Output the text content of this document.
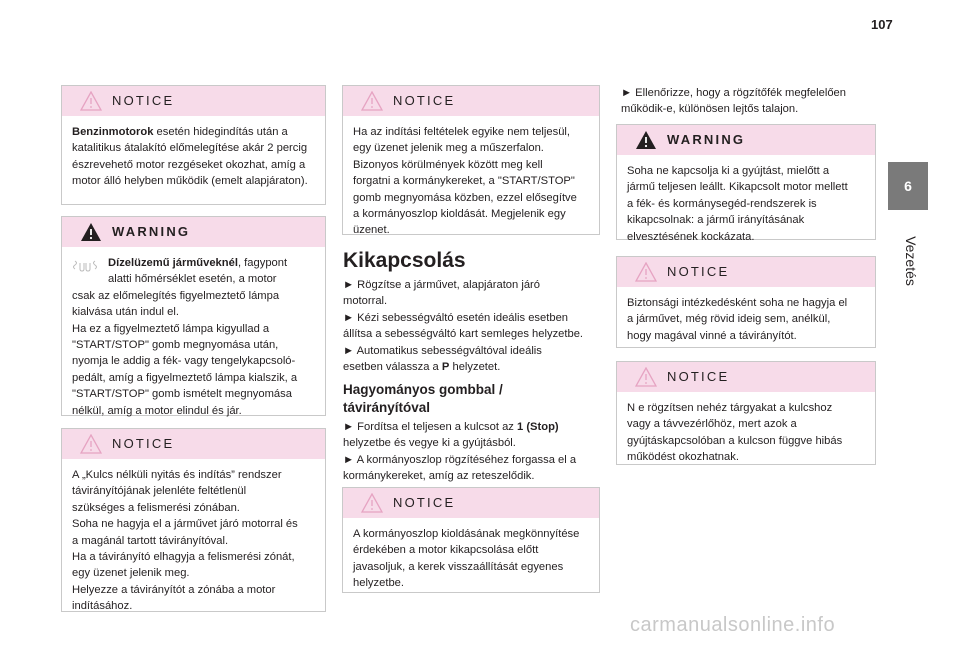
107
6
Vezetés
NOTICE

Benzinmotorok esetén hidegindítás után a katalitikus átalakító előmelegítése akár 2 percig észrevehető motor rezgéseket okozhat, amíg a motor álló helyben működik (emelt alapjáraton).

WARNING

Dízelüzemű járműveknél, fagypont

alatti hőmérséklet esetén, a motor

csak az előmelegítés figyelmeztető lámpa

kialvása után indul el.

Ha ez a figyelmeztető lámpa kigyullad a

"START/STOP" gomb megnyomása után,

nyomja le addig a fék- vagy tengelykapcsoló-

pedált, amíg a figyelmeztető lámpa kialszik, a

"START/STOP" gomb ismételt megnyomása

nélkül, amíg a motor elindul és jár.

NOTICE

A „Kulcs nélküli nyitás és indítás” rendszer

távirányítójának jelenléte feltétlenül

szükséges a felismerési zónában.

Soha ne hagyja el a járművet járó motorral és

a magánál tartott távirányítóval.

Ha a távirányító elhagyja a felismerési zónát,

egy üzenet jelenik meg.

Helyezze a távirányítót a zónába a motor

indításához.

NOTICE

Ha az indítási feltételek egyike nem teljesül,

egy üzenet jelenik meg a műszerfalon.

Bizonyos körülmények között meg kell

forgatni a kormánykereket, a "START/STOP"

gomb megnyomása közben, ezzel elősegítve

a kormányoszlop kioldását. Megjelenik egy

üzenet.

Kikapcsolás

► Rögzítse a járművet, alapjáraton járó

motorral.

► Kézi sebességváltó esetén ideális esetben

állítsa a sebességváltó kart semleges helyzetbe.

► Automatikus sebességváltóval ideális

esetben válassza a P helyzetet.

Hagyományos gombbal / távirányítóval

► Fordítsa el teljesen a kulcsot az 1 (Stop)

helyzetbe és vegye ki a gyújtásból.

► A kormányoszlop rögzítéséhez forgassa el a

kormánykereket, amíg az reteszelődik.

NOTICE

A kormányoszlop kioldásának megkönnyítése

érdekében a motor kikapcsolása előtt

javasoljuk, a kerek visszaállítását egyenes

helyzetbe.

► Ellenőrizze, hogy a rögzítőfék megfelelően

működik-e, különösen lejtős talajon.

WARNING

Soha ne kapcsolja ki a gyújtást, mielőtt a

jármű teljesen leállt. Kikapcsolt motor mellett

a fék- és kormánysegéd-rendszerek is

kikapcsolnak: a jármű irányításának

elvesztésének kockázata.

NOTICE

Biztonsági intézkedésként soha ne hagyja el

a járművet, még rövid ideig sem, anélkül,

hogy magával vinné a távirányítót.

NOTICE

N e rögzítsen nehéz tárgyakat a kulcshoz

vagy a távvezérlőhöz, mert azok a

gyújtáskapcsolóban a kulcson függve hibás

működést okozhatnak.

carmanualsonline.info
